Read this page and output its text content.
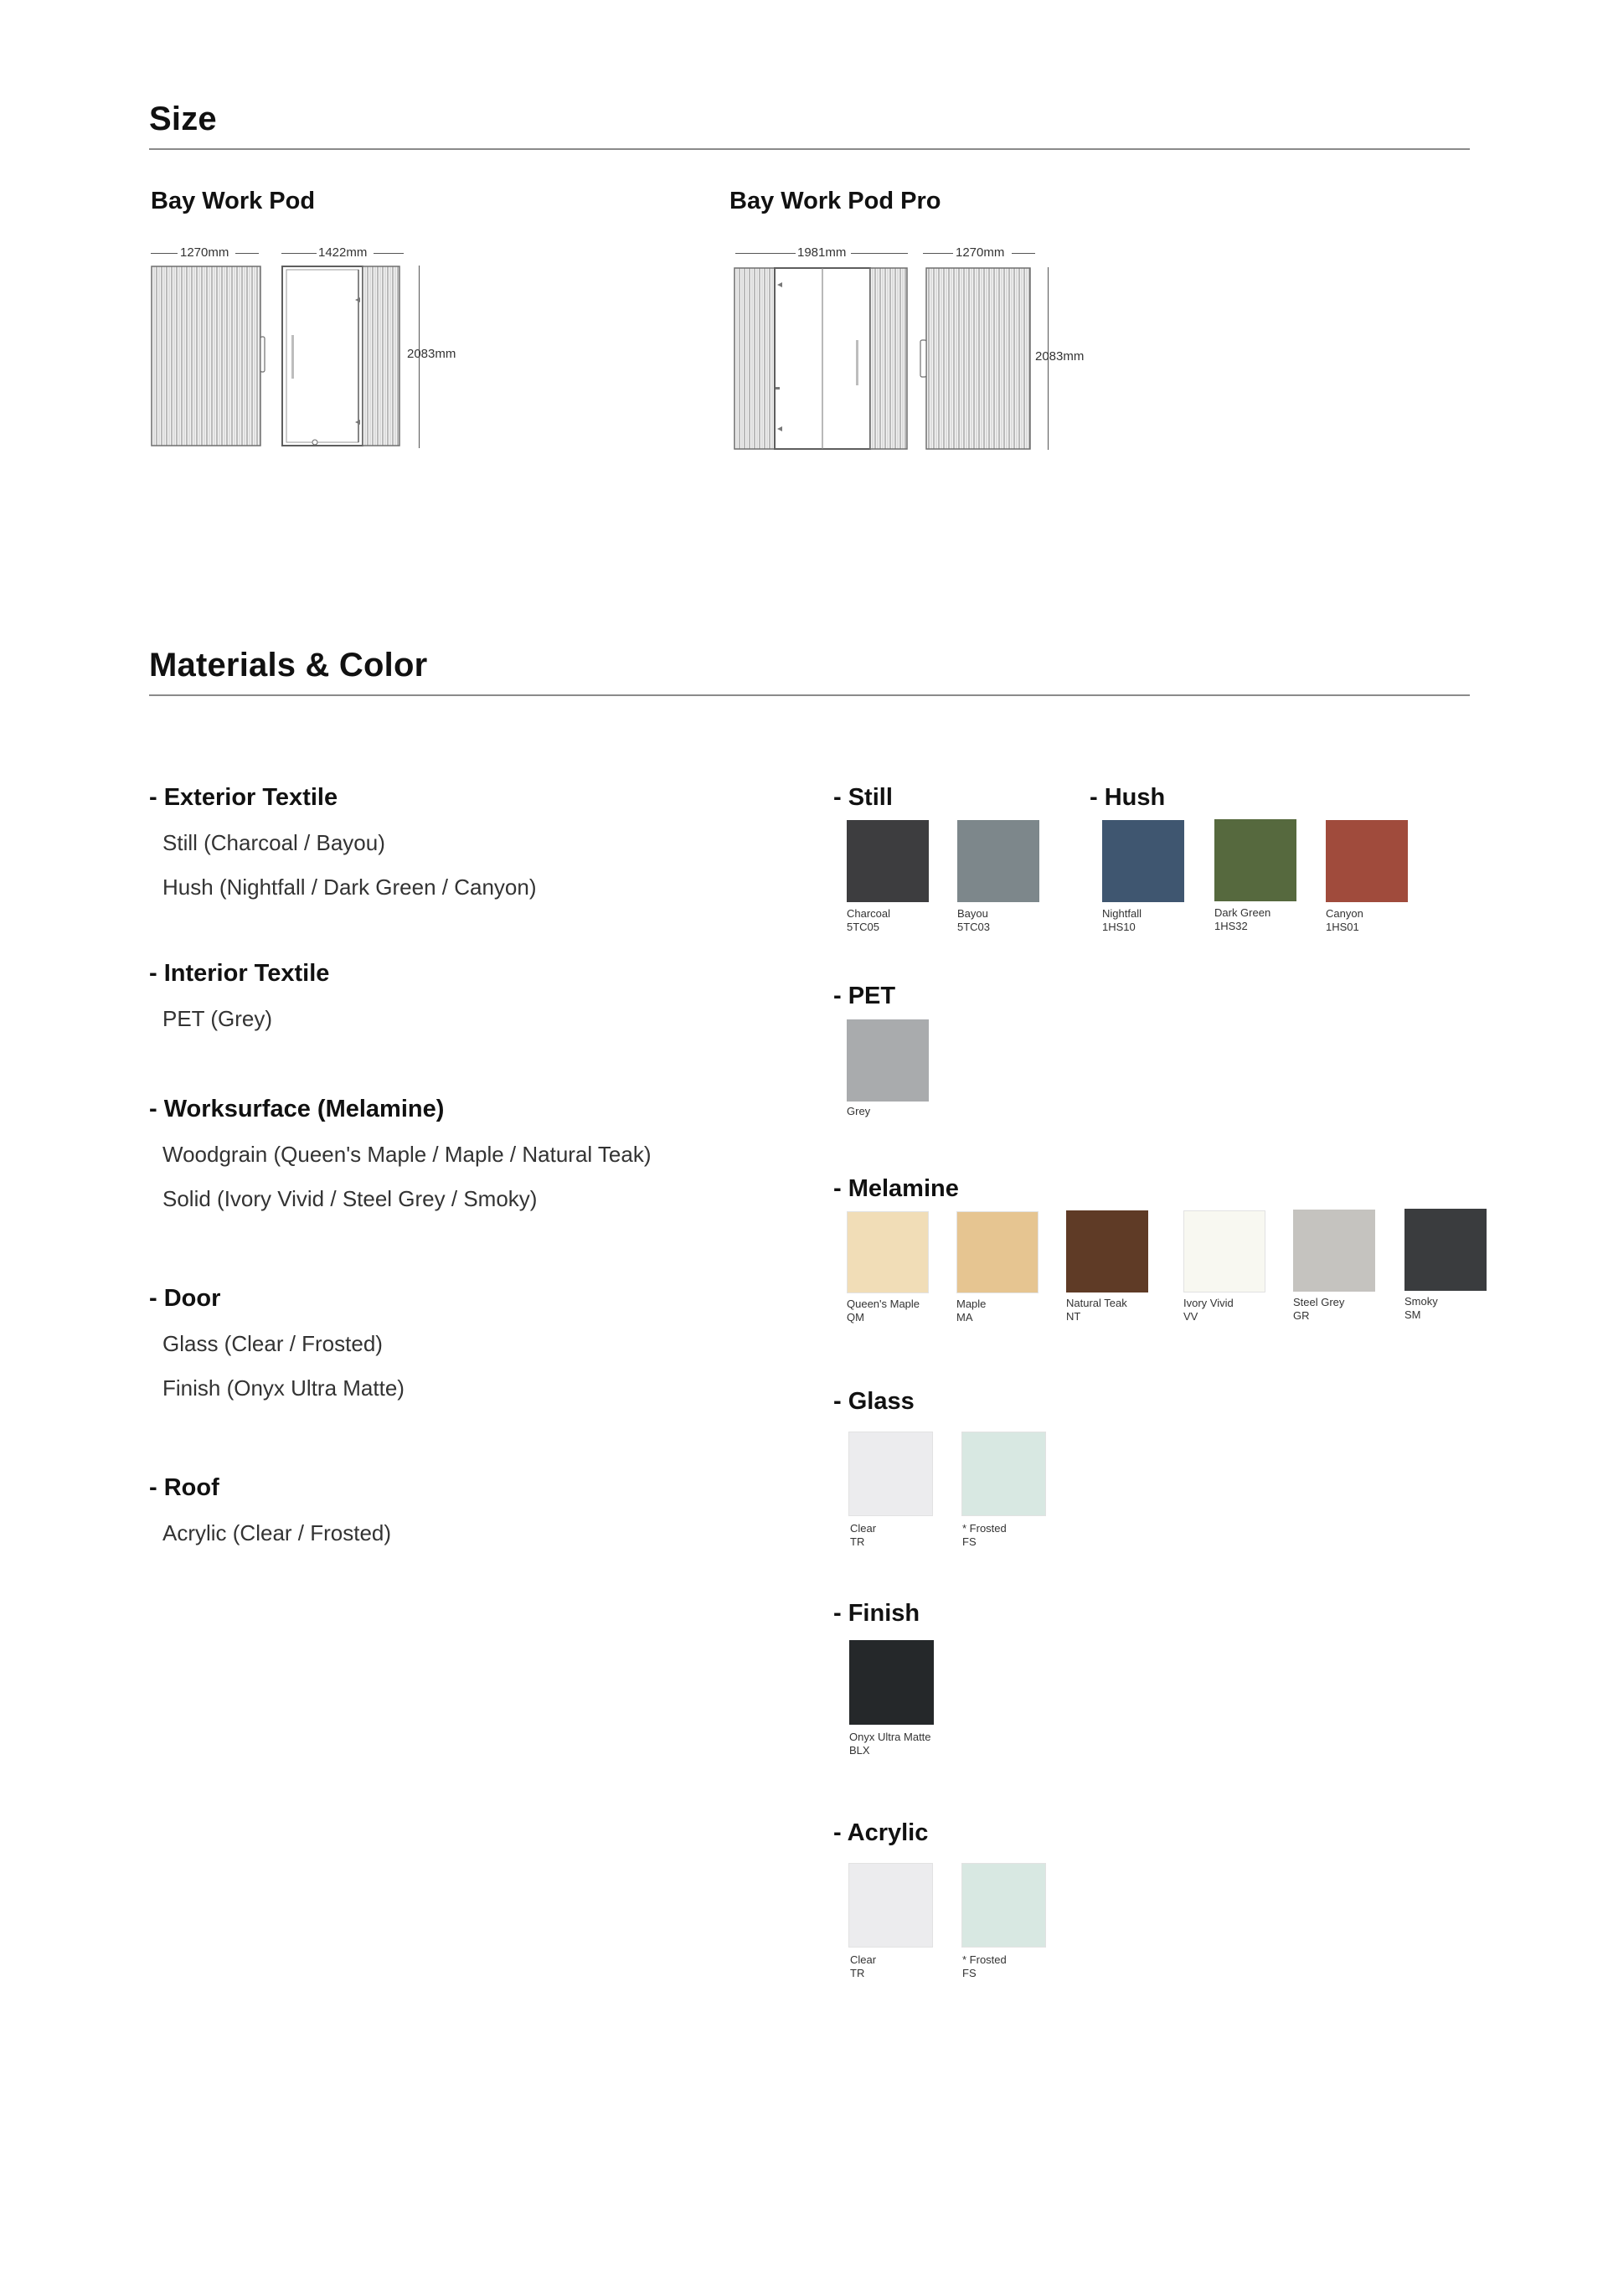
Size
Bay Work Pod
1270mm	1422mm
2083mm
Bay Work Pod Pro
1981mm	1270mm
2083mm
Materials & Color
- Exterior Textile
Still (Charcoal / Bayou)
Hush (Nightfall / Dark Green / Canyon)
- Interior Textile
PET (Grey)
- Worksurface (Melamine)
Woodgrain (Queen's Maple / Maple / Natural Teak)
Solid (Ivory Vivid / Steel Grey / Smoky)
- Door
Glass (Clear / Frosted)
Finish (Onyx Ultra Matte)
- Roof
Acrylic (Clear / Frosted)
- Still	- Hush
- PET
- Melamine
- Glass
- Finish
- Acrylic
Charcoal
5TC05
Bayou
5TC03
Nightfall
1HS10
Dark Green
1HS32
Canyon
1HS01
Grey
Queen's Maple
QM
Maple
MA
Natural Teak
NT
Ivory Vivid
VV
Steel Grey
GR
Smoky
SM
Clear
TR
* Frosted
FS
Onyx Ultra Matte
BLX
Clear
TR
* Frosted
FS
